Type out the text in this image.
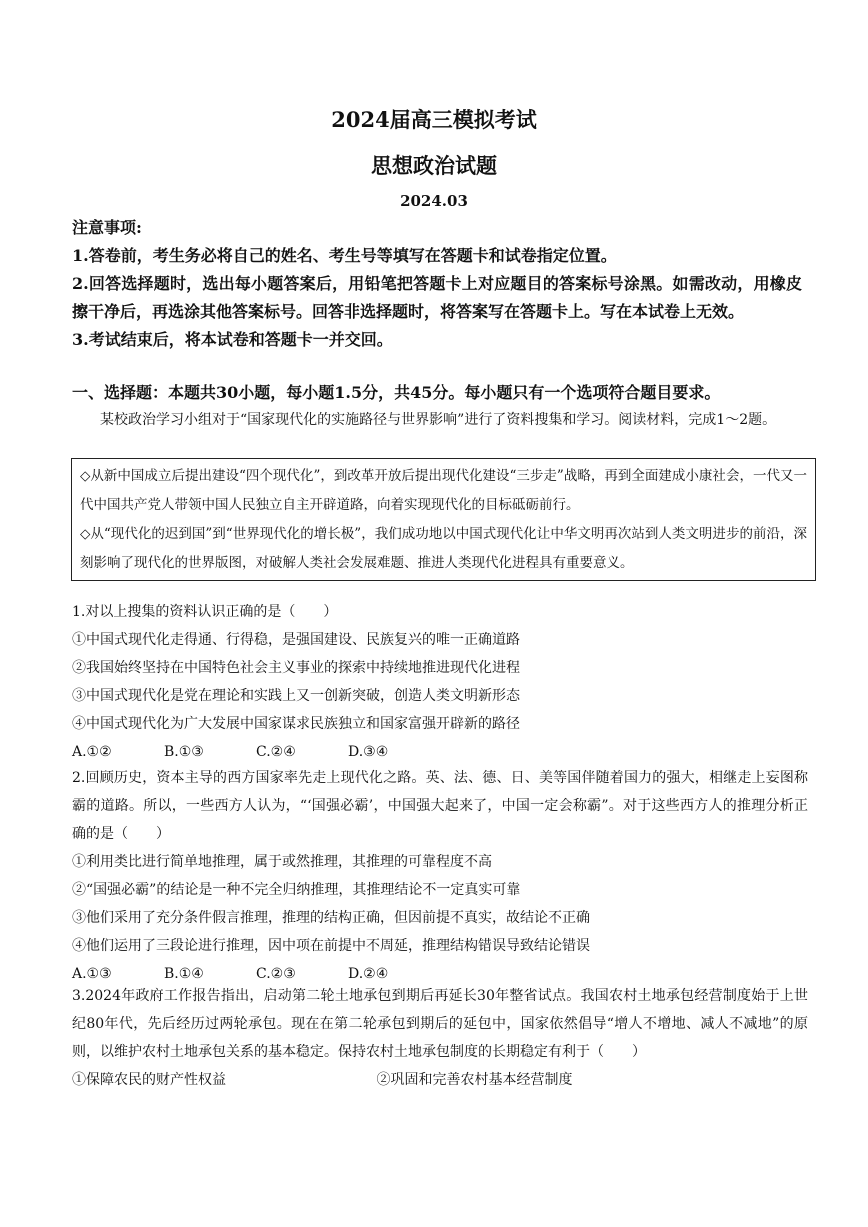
2024届高三模拟考试
思想政治试题
2024.03
注意事项:
1.答卷前，考生务必将自己的姓名、考生号等填写在答题卡和试卷指定位置。
2.回答选择题时，选出每小题答案后，用铅笔把答题卡上对应题目的答案标号涂黑。如需改动，用橡皮擦干净后，再选涂其他答案标号。回答非选择题时，将答案写在答题卡上。写在本试卷上无效。
3.考试结束后，将本试卷和答题卡一并交回。
一、选择题：本题共30小题，每小题1.5分，共45分。每小题只有一个选项符合题目要求。
某校政治学习小组对于“国家现代化的实施路径与世界影响”进行了资料搜集和学习。阅读材料，完成1～2题。

◇从新中国成立后提出建设“四个现代化”，到改革开放后提出现代化建设“三步走”战略，再到全面建成小康社会，一代又一代中国共产党人带领中国人民独立自主开辟道路，向着实现现代化的目标砥砺前行。

◇从“现代化的迟到国”到“世界现代化的增长极”，我们成功地以中国式现代化让中华文明再次站到人类文明进步的前沿，深刻影响了现代化的世界版图，对破解人类社会发展难题、推进人类现代化进程具有重要意义。

1.对以上搜集的资料认识正确的是（　　）

①中国式现代化走得通、行得稳，是强国建设、民族复兴的唯一正确道路

②我国始终坚持在中国特色社会主义事业的探索中持续地推进现代化进程

③中国式现代化是党在理论和实践上又一创新突破，创造人类文明新形态

④中国式现代化为广大发展中国家谋求民族独立和国家富强开辟新的路径

A.①②	B.①③	C.②④	D.③④

2.回顾历史，资本主导的西方国家率先走上现代化之路。英、法、德、日、美等国伴随着国力的强大，相继走上妄图称霸的道路。所以，一些西方人认为，“‘国强必霸’，中国强大起来了，中国一定会称霸”。对于这些西方人的推理分析正确的是（　　）

①利用类比进行简单地推理，属于或然推理，其推理的可靠程度不高

②“国强必霸”的结论是一种不完全归纳推理，其推理结论不一定真实可靠

③他们采用了充分条件假言推理，推理的结构正确，但因前提不真实，故结论不正确

④他们运用了三段论进行推理，因中项在前提中不周延，推理结构错误导致结论错误

A.①③	B.①④	C.②③	D.②④

3.2024年政府工作报告指出，启动第二轮土地承包到期后再延长30年整省试点。我国农村土地承包经营制度始于上世纪80年代，先后经历过两轮承包。现在在第二轮承包到期后的延包中，国家依然倡导“增人不增地、减人不减地”的原则，以维护农村土地承包关系的基本稳定。保持农村土地承包制度的长期稳定有利于（　　）

①保障农民的财产性权益	②巩固和完善农村基本经营制度
